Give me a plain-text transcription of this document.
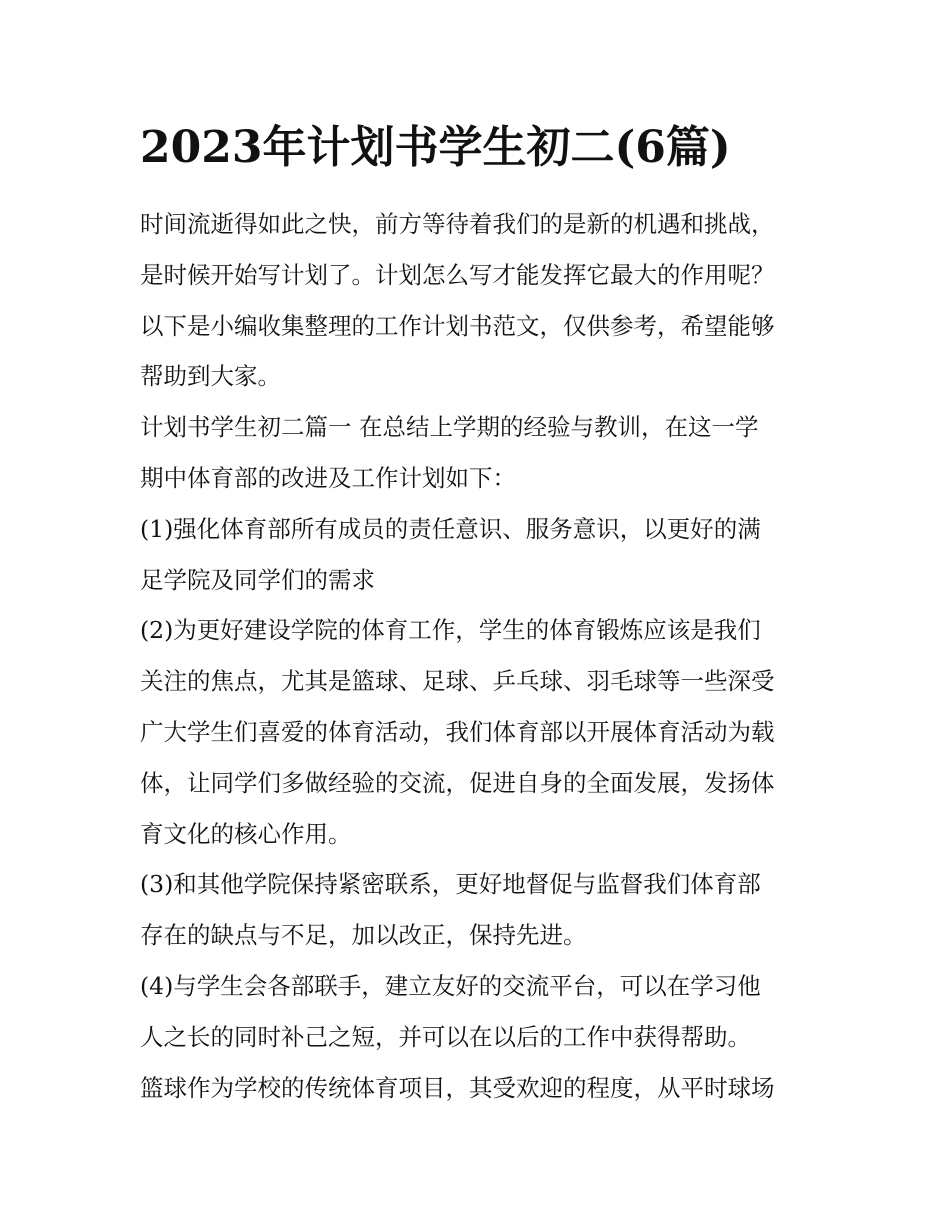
2023年计划书学生初二(6篇)

时间流逝得如此之快，前方等待着我们的是新的机遇和挑战，

是时候开始写计划了。计划怎么写才能发挥它最大的作用呢？

以下是小编收集整理的工作计划书范文，仅供参考，希望能够

帮助到大家。

计划书学生初二篇一 在总结上学期的经验与教训，在这一学

期中体育部的改进及工作计划如下：

(1)强化体育部所有成员的责任意识、服务意识，以更好的满

足学院及同学们的需求

(2)为更好建设学院的体育工作，学生的体育锻炼应该是我们

关注的焦点，尤其是篮球、足球、乒乓球、羽毛球等一些深受

广大学生们喜爱的体育活动，我们体育部以开展体育活动为载

体，让同学们多做经验的交流，促进自身的全面发展，发扬体

育文化的核心作用。

(3)和其他学院保持紧密联系，更好地督促与监督我们体育部

存在的缺点与不足，加以改正，保持先进。

(4)与学生会各部联手，建立友好的交流平台，可以在学习他

人之长的同时补己之短，并可以在以后的工作中获得帮助。

篮球作为学校的传统体育项目，其受欢迎的程度，从平时球场
